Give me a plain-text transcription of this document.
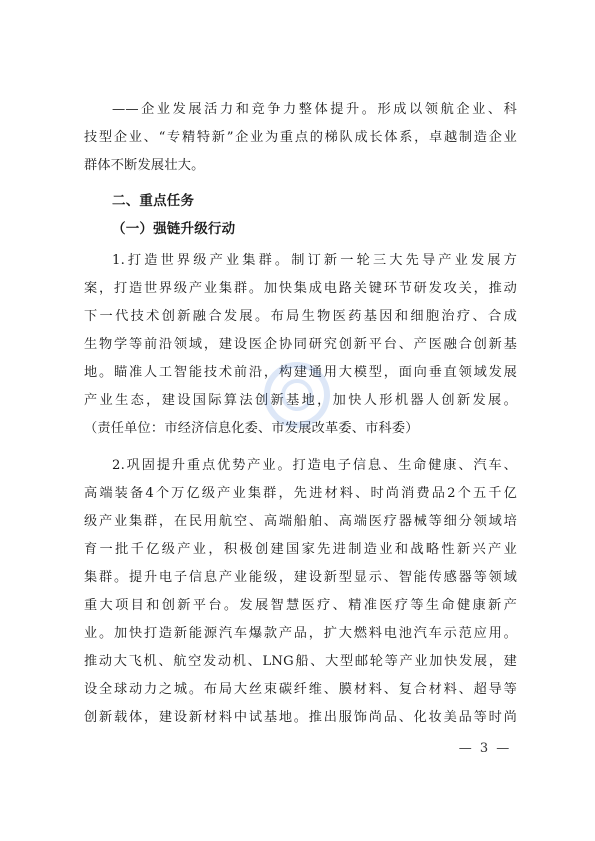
——企业发展活力和竞争力整体提升。形成以领航企业、科
技型企业、“专精特新”企业为重点的梯队成长体系，卓越制造企业
群体不断发展壮大。
二、重点任务
（一）强链升级行动
1.打造世界级产业集群。制订新一轮三大先导产业发展方
案，打造世界级产业集群。加快集成电路关键环节研发攻关，推动
下一代技术创新融合发展。布局生物医药基因和细胞治疗、合成
生物学等前沿领域，建设医企协同研究创新平台、产医融合创新基
地。瞄准人工智能技术前沿，构建通用大模型，面向垂直领域发展
产业生态，建设国际算法创新基地，加快人形机器人创新发展。
（责任单位：市经济信息化委、市发展改革委、市科委）
2.巩固提升重点优势产业。打造电子信息、生命健康、汽车、
高端装备4个万亿级产业集群，先进材料、时尚消费品2个五千亿
级产业集群，在民用航空、高端船舶、高端医疗器械等细分领域培
育一批千亿级产业，积极创建国家先进制造业和战略性新兴产业
集群。提升电子信息产业能级，建设新型显示、智能传感器等领域
重大项目和创新平台。发展智慧医疗、精准医疗等生命健康新产
业。加快打造新能源汽车爆款产品，扩大燃料电池汽车示范应用。
推动大飞机、航空发动机、LNG船、大型邮轮等产业加快发展，建
设全球动力之城。布局大丝束碳纤维、膜材料、复合材料、超导等
创新载体，建设新材料中试基地。推出服饰尚品、化妆美品等时尚
— 3 —
